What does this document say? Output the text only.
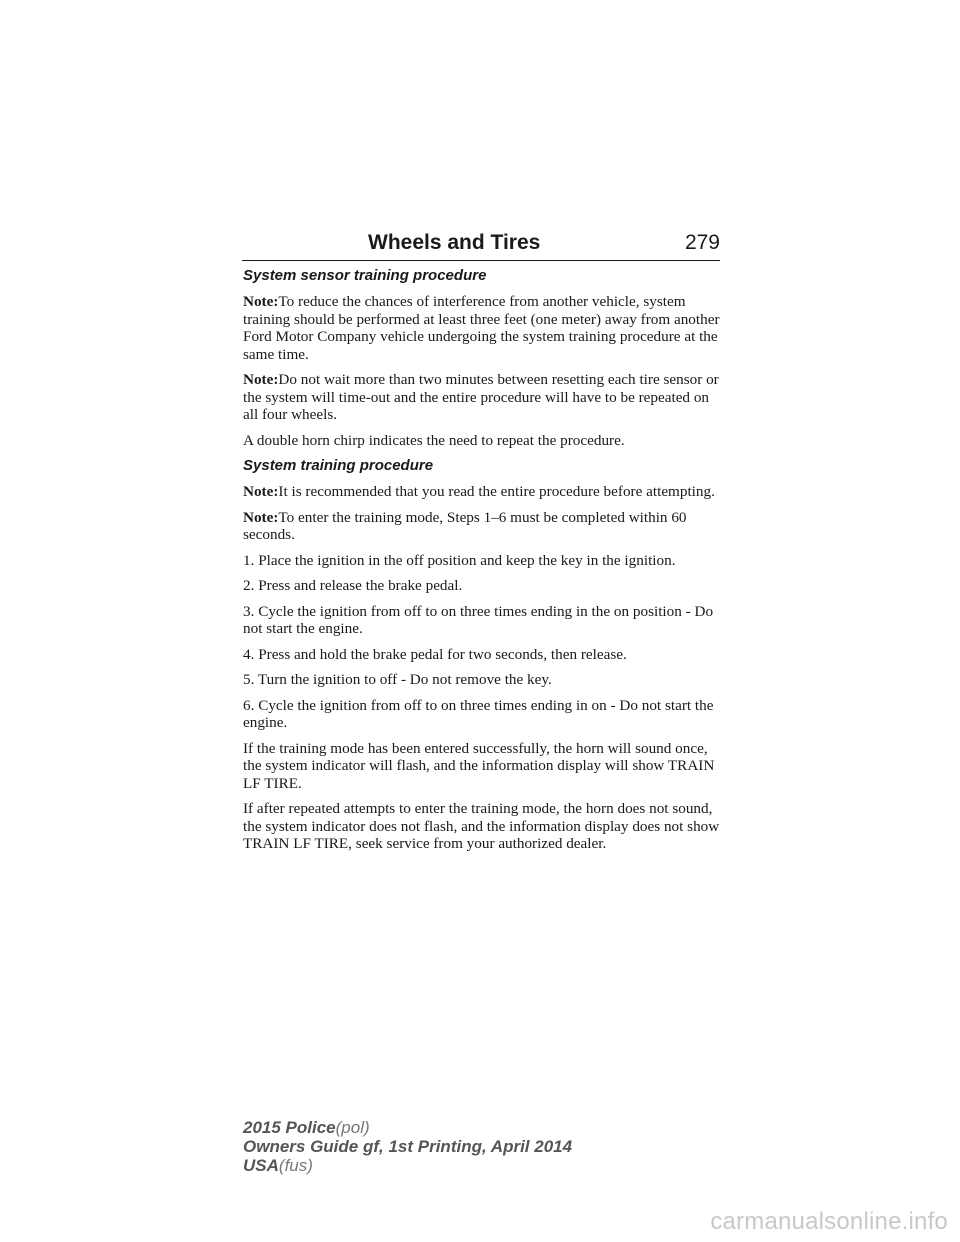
Wheels and Tires	279
System sensor training procedure

Note:To reduce the chances of interference from another vehicle, system training should be performed at least three feet (one meter) away from another Ford Motor Company vehicle undergoing the system training procedure at the same time.

Note:Do not wait more than two minutes between resetting each tire sensor or the system will time-out and the entire procedure will have to be repeated on all four wheels.

A double horn chirp indicates the need to repeat the procedure.

System training procedure

Note:It is recommended that you read the entire procedure before attempting.

Note:To enter the training mode, Steps 1–6 must be completed within 60 seconds.

1. Place the ignition in the off position and keep the key in the ignition.

2. Press and release the brake pedal.

3. Cycle the ignition from off to on three times ending in the on position - Do not start the engine.

4. Press and hold the brake pedal for two seconds, then release.

5. Turn the ignition to off - Do not remove the key.

6. Cycle the ignition from off to on three times ending in on - Do not start the engine.

If the training mode has been entered successfully, the horn will sound once, the system indicator will flash, and the information display will show TRAIN LF TIRE.

If after repeated attempts to enter the training mode, the horn does not sound, the system indicator does not flash, and the information display does not show TRAIN LF TIRE, seek service from your authorized dealer.

2015 Police(pol)
Owners Guide gf, 1st Printing, April 2014
USA(fus)
carmanualsonline.info
